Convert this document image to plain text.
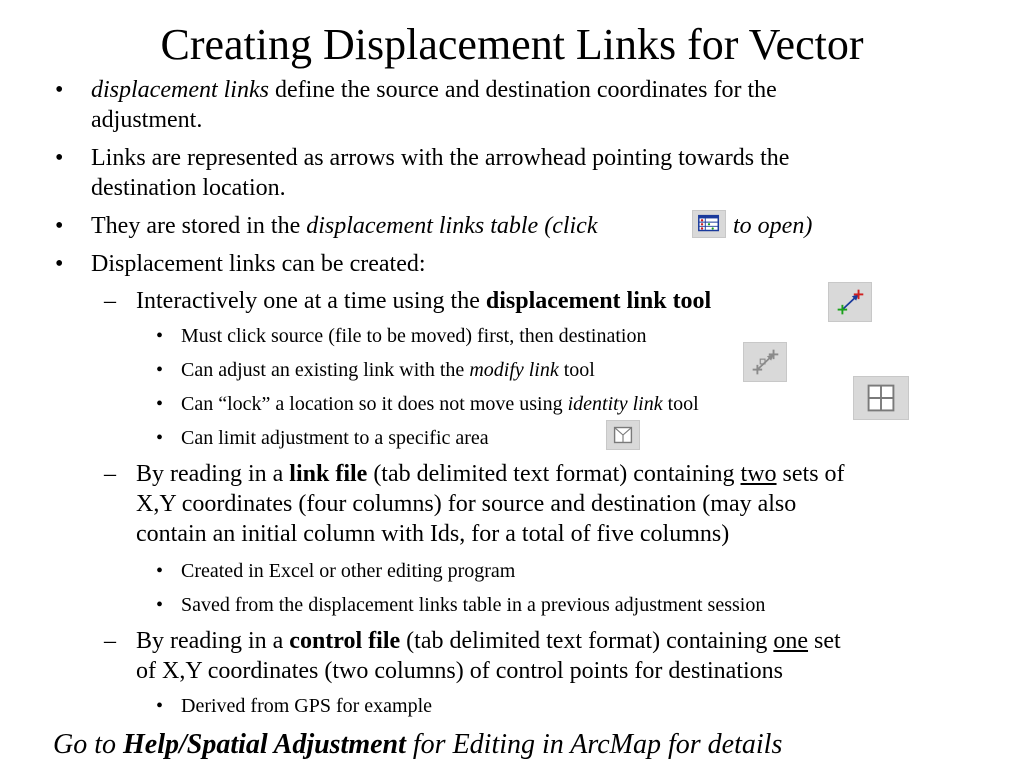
Creating Displacement Links for Vector
• displacement links define the source and destination coordinates for the
adjustment.
• Links are represented as arrows with the arrowhead pointing towards the
destination location.
• They are stored in the displacement links table (click	to open)
• Displacement links can be created:
– Interactively one at a time using the displacement link tool
• Must click source (file to be moved) first, then destination
• Can adjust an existing link with the modify link tool
• Can “lock” a location so it does not move using identity link tool
• Can limit adjustment to a specific area
– By reading in a link file (tab delimited text format) containing two sets of
X,Y coordinates (four columns) for source and destination (may also
contain an initial column with Ids, for a total of five columns)
• Created in Excel or other editing program
• Saved from the displacement links table in a previous adjustment session
– By reading in a control file (tab delimited text format) containing one set
of X,Y coordinates (two columns) of control points for destinations
• Derived from GPS for example
Go to Help/Spatial Adjustment for Editing in ArcMap for details
